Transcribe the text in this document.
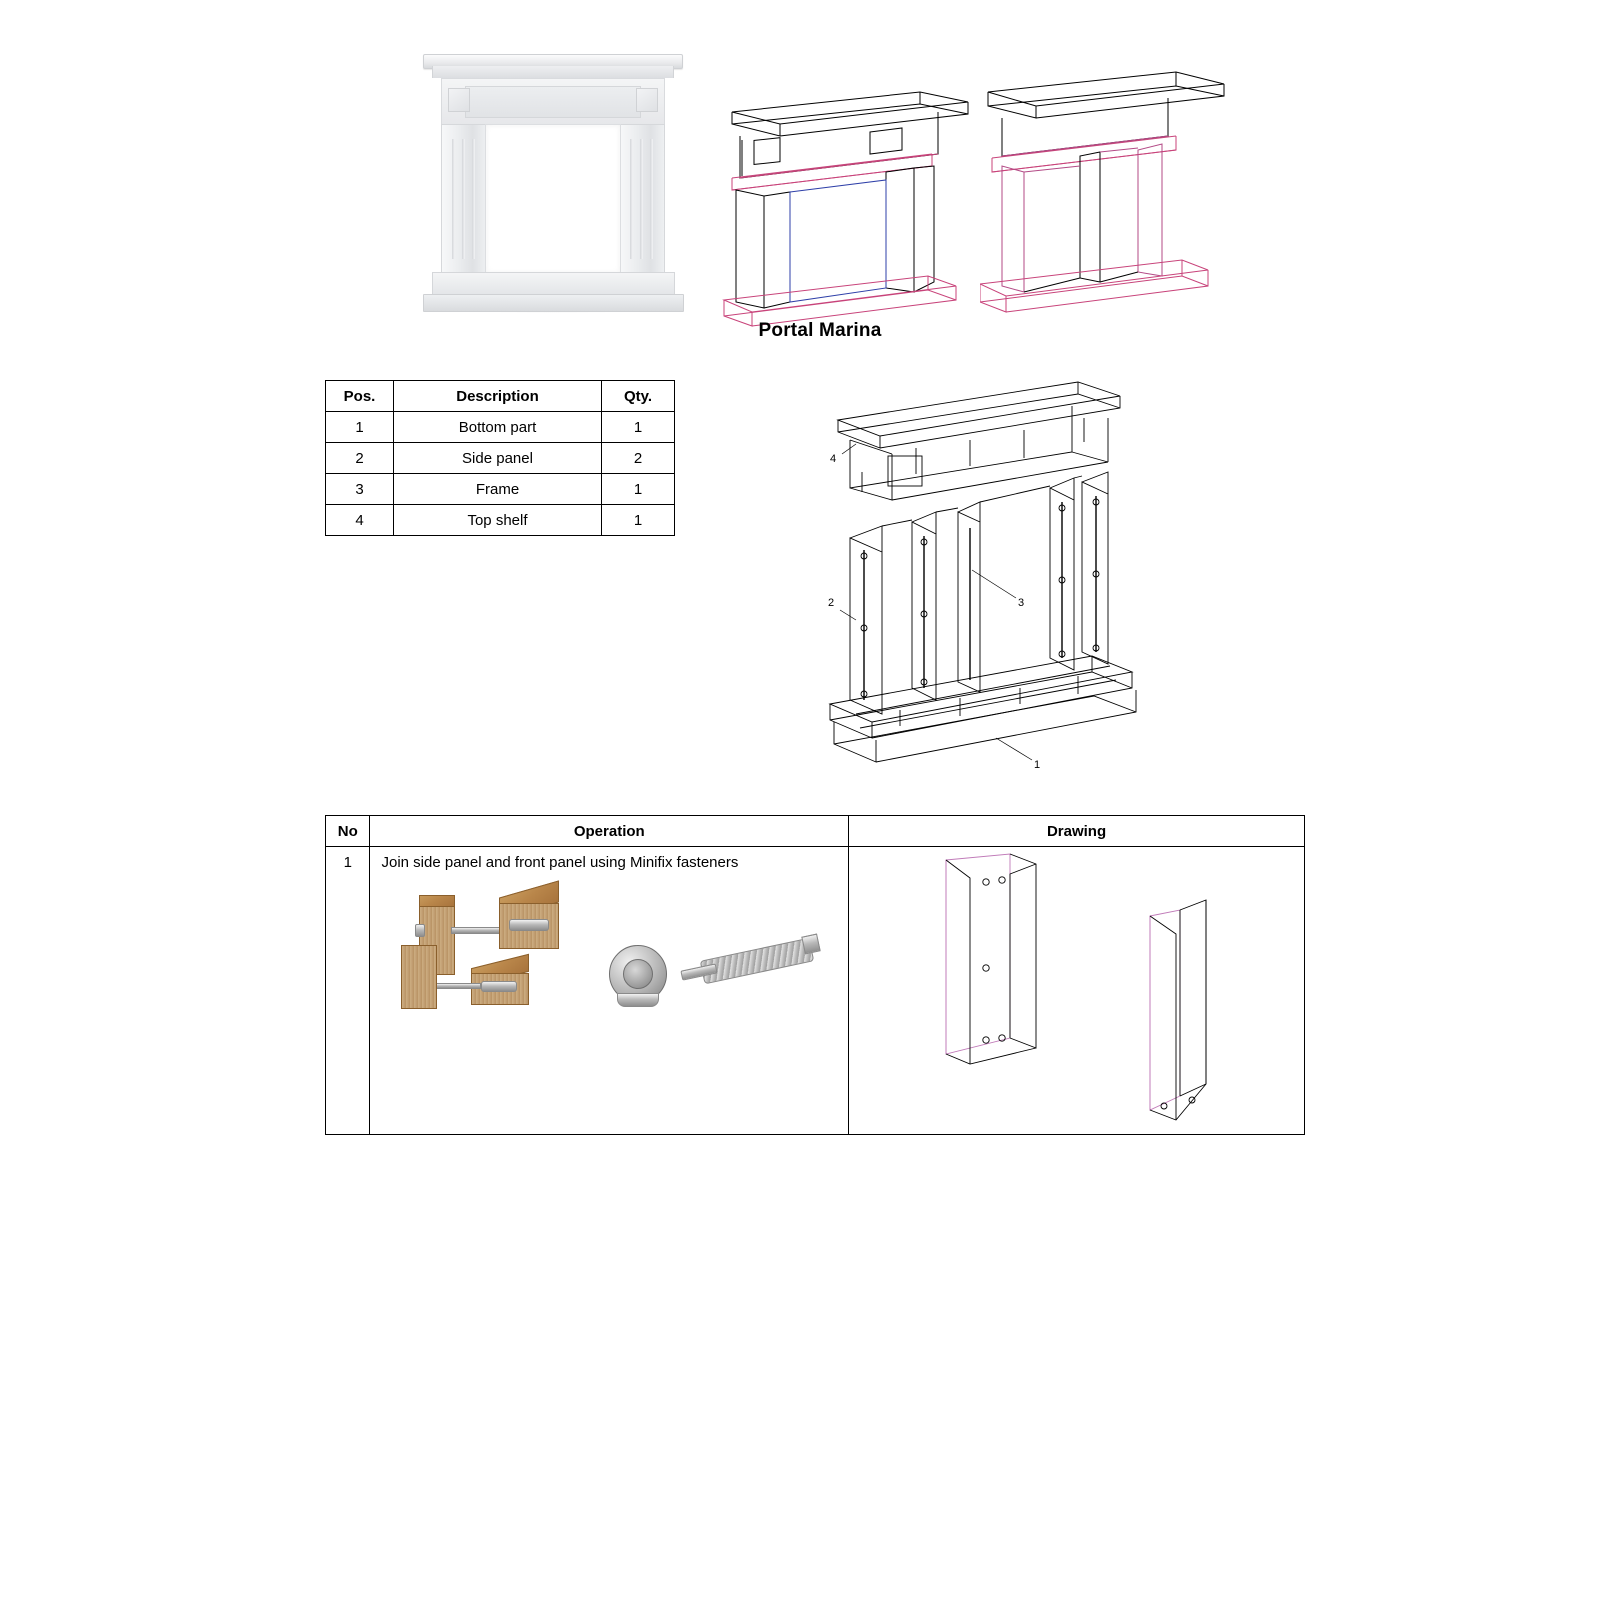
Portal Marina
Pos.	Description	Qty.
1	Bottom part	1
2	Side panel	2
3	Frame	1
4	Top shelf	1
4
2	3
1
No	Operation	Drawing

1	Join side panel and front panel using Minifix fasteners
